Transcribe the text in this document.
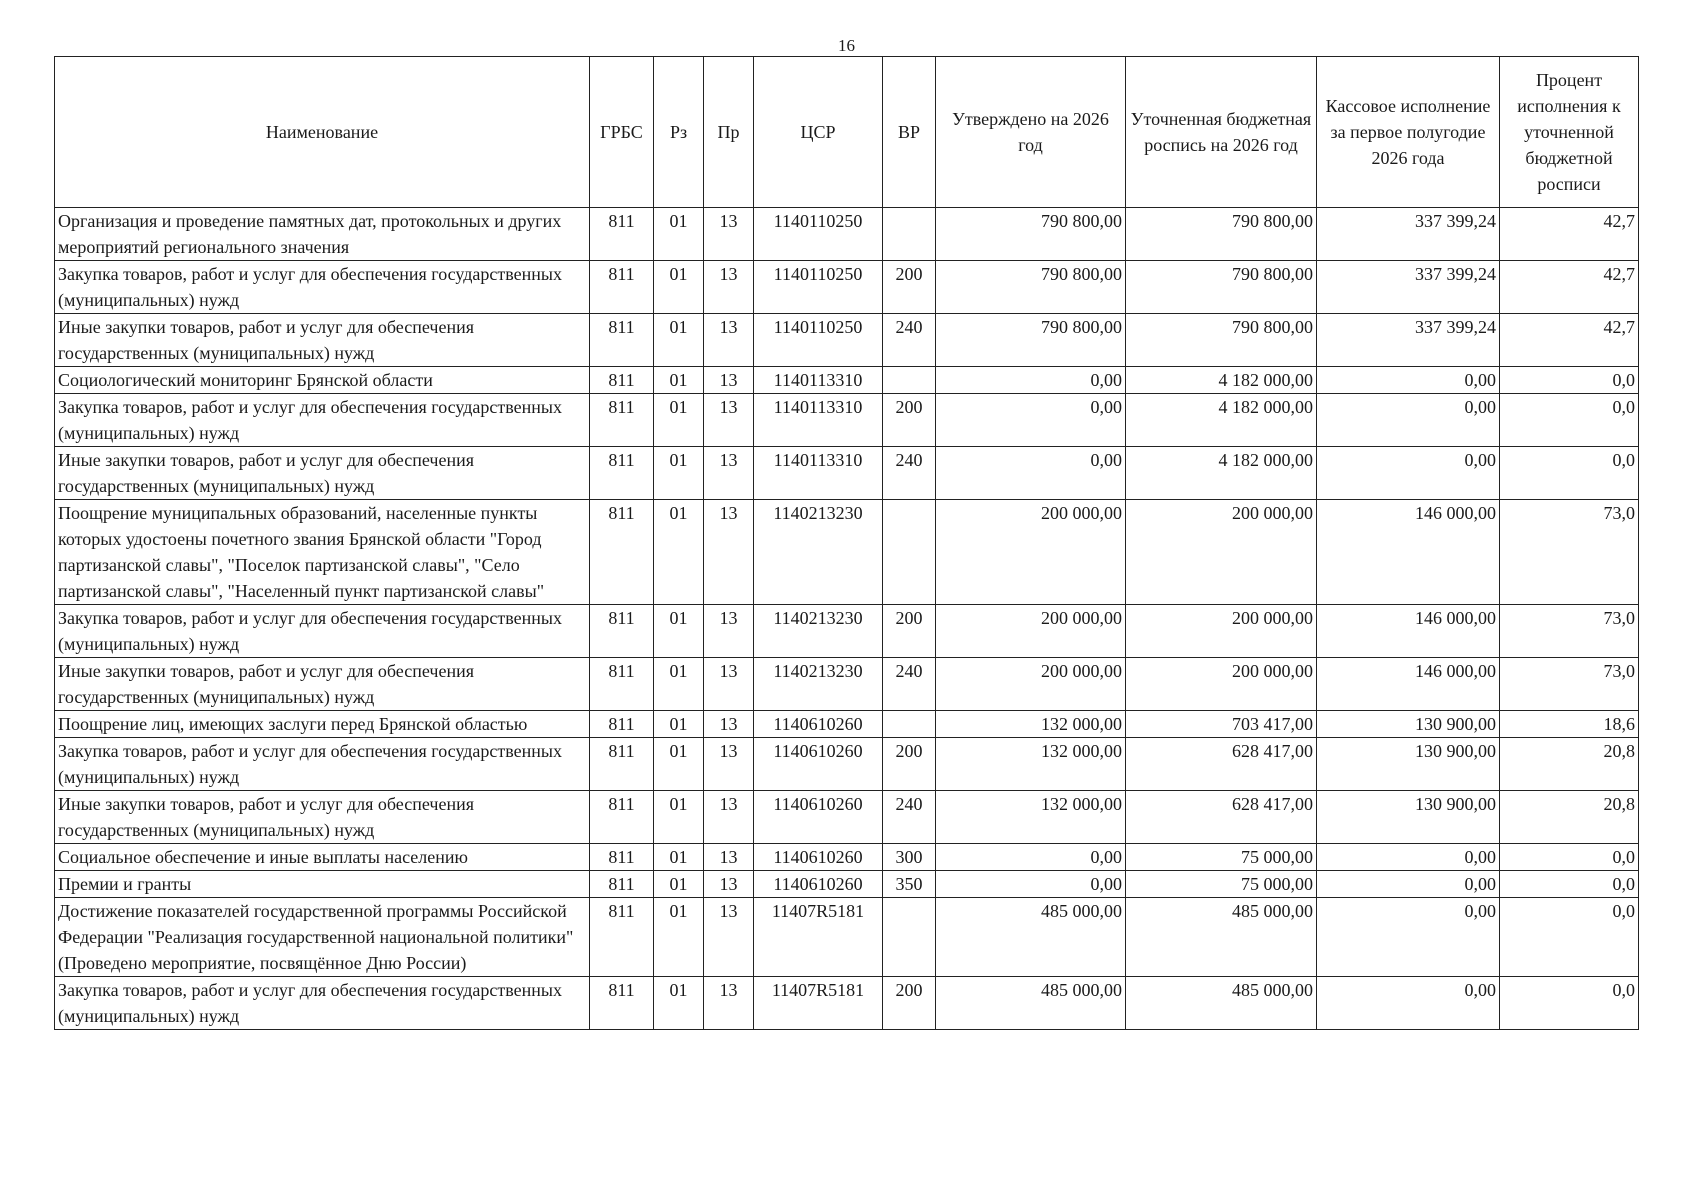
16
Наименование	ГРБС	Рз	Пр	ЦСР	ВР	Утверждено на 2026 год	Уточненная бюджетная роспись на 2026 год	Кассовое исполнение за первое полугодие 2026 года	Процент исполнения к уточненной бюджетной росписи
Организация и проведение памятных дат, протокольных и других мероприятий регионального значения	811	01	13	1140110250		790 800,00	790 800,00	337 399,24	42,7
Закупка товаров, работ и услуг для обеспечения государственных (муниципальных) нужд	811	01	13	1140110250	200	790 800,00	790 800,00	337 399,24	42,7
Иные закупки товаров, работ и услуг для обеспечения государственных (муниципальных) нужд	811	01	13	1140110250	240	790 800,00	790 800,00	337 399,24	42,7
Социологический мониторинг Брянской области	811	01	13	1140113310		0,00	4 182 000,00	0,00	0,0
Закупка товаров, работ и услуг для обеспечения государственных (муниципальных) нужд	811	01	13	1140113310	200	0,00	4 182 000,00	0,00	0,0
Иные закупки товаров, работ и услуг для обеспечения государственных (муниципальных) нужд	811	01	13	1140113310	240	0,00	4 182 000,00	0,00	0,0
Поощрение муниципальных образований, населенные пункты которых удостоены почетного звания Брянской области "Город партизанской славы", "Поселок партизанской славы", "Село партизанской славы", "Населенный пункт партизанской славы"	811	01	13	1140213230		200 000,00	200 000,00	146 000,00	73,0
Закупка товаров, работ и услуг для обеспечения государственных (муниципальных) нужд	811	01	13	1140213230	200	200 000,00	200 000,00	146 000,00	73,0
Иные закупки товаров, работ и услуг для обеспечения государственных (муниципальных) нужд	811	01	13	1140213230	240	200 000,00	200 000,00	146 000,00	73,0
Поощрение лиц, имеющих заслуги перед Брянской областью	811	01	13	1140610260		132 000,00	703 417,00	130 900,00	18,6
Закупка товаров, работ и услуг для обеспечения государственных (муниципальных) нужд	811	01	13	1140610260	200	132 000,00	628 417,00	130 900,00	20,8
Иные закупки товаров, работ и услуг для обеспечения государственных (муниципальных) нужд	811	01	13	1140610260	240	132 000,00	628 417,00	130 900,00	20,8
Социальное обеспечение и иные выплаты населению	811	01	13	1140610260	300	0,00	75 000,00	0,00	0,0
Премии и гранты	811	01	13	1140610260	350	0,00	75 000,00	0,00	0,0
Достижение показателей государственной программы Российской Федерации "Реализация государственной национальной политики" (Проведено мероприятие, посвящённое Дню России)	811	01	13	11407R5181		485 000,00	485 000,00	0,00	0,0
Закупка товаров, работ и услуг для обеспечения государственных (муниципальных) нужд	811	01	13	11407R5181	200	485 000,00	485 000,00	0,00	0,0
